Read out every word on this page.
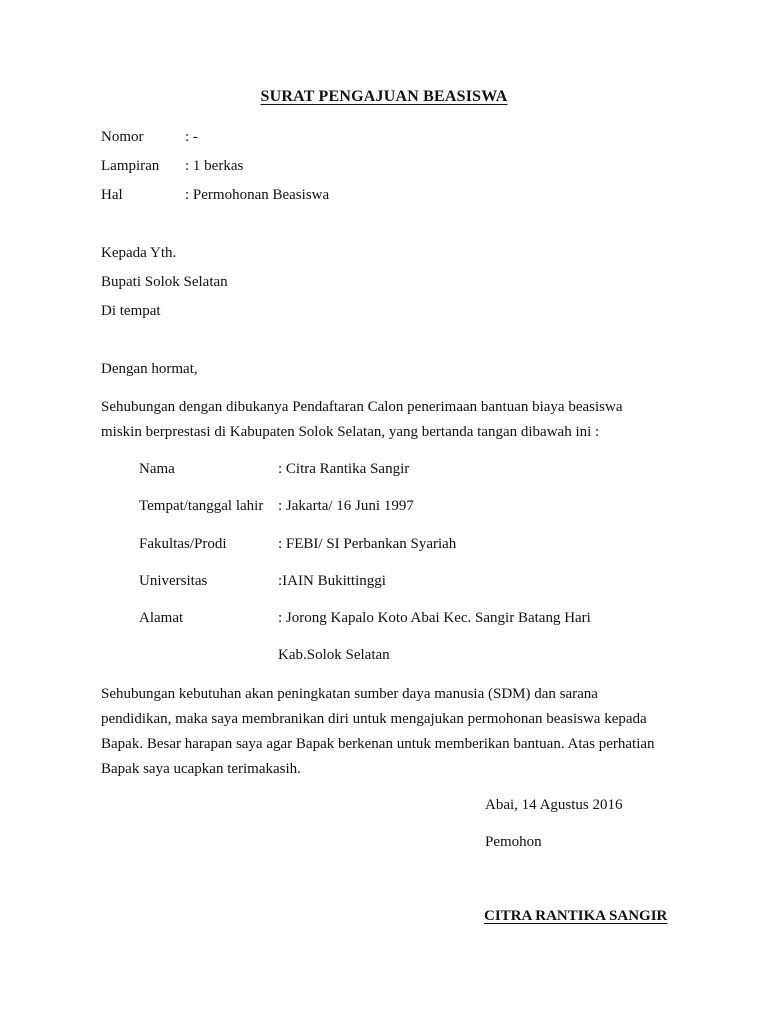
SURAT PENGAJUAN BEASISWA
Nomor	: -
Lampiran : 1 berkas
Hal	: Permohonan Beasiswa
Kepada Yth.
Bupati Solok Selatan
Di tempat
Dengan hormat,
Sehubungan dengan dibukanya Pendaftaran Calon penerimaan bantuan biaya beasiswa
miskin berprestasi di Kabupaten Solok Selatan, yang bertanda tangan dibawah ini :
Nama	: Citra Rantika Sangir
Tempat/tanggal lahir : Jakarta/ 16 Juni 1997
Fakultas/Prodi	: FEBI/ SI Perbankan Syariah
Universitas	:IAIN Bukittinggi
Alamat	: Jorong Kapalo Koto Abai Kec. Sangir Batang Hari
Kab.Solok Selatan
Sehubungan kebutuhan akan peningkatan sumber daya manusia (SDM) dan sarana
pendidikan, maka saya membranikan diri untuk mengajukan permohonan beasiswa kepada
Bapak. Besar harapan saya agar Bapak berkenan untuk memberikan bantuan. Atas perhatian
Bapak saya ucapkan terimakasih.
Abai, 14 Agustus 2016
Pemohon
CITRA RANTIKA SANGIR
